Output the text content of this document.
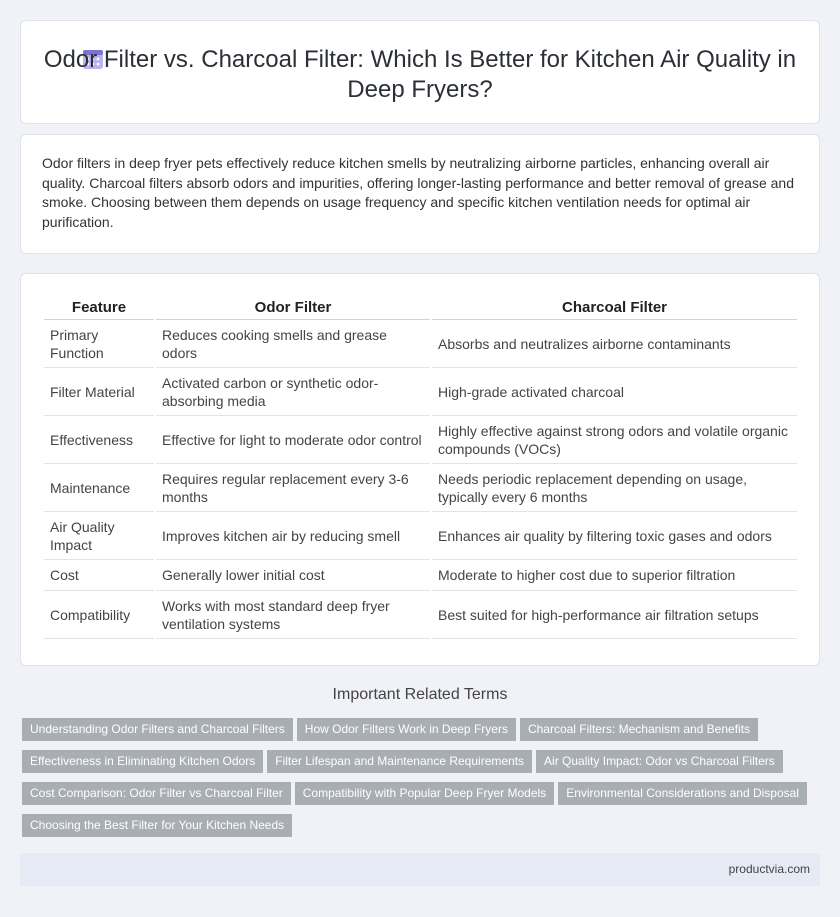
Odor Filter vs. Charcoal Filter: Which Is Better for Kitchen Air Quality in Deep Fryers?
Odor filters in deep fryer pets effectively reduce kitchen smells by neutralizing airborne particles, enhancing overall air quality. Charcoal filters absorb odors and impurities, offering longer-lasting performance and better removal of grease and smoke. Choosing between them depends on usage frequency and specific kitchen ventilation needs for optimal air purification.
Feature	Odor Filter	Charcoal Filter
Primary Function	Reduces cooking smells and grease odors	Absorbs and neutralizes airborne contaminants
Filter Material	Activated carbon or synthetic odor-absorbing media	High-grade activated charcoal
Effectiveness	Effective for light to moderate odor control	Highly effective against strong odors and volatile organic compounds (VOCs)
Maintenance	Requires regular replacement every 3-6 months	Needs periodic replacement depending on usage, typically every 6 months
Air Quality Impact	Improves kitchen air by reducing smell	Enhances air quality by filtering toxic gases and odors
Cost	Generally lower initial cost	Moderate to higher cost due to superior filtration
Compatibility	Works with most standard deep fryer ventilation systems	Best suited for high-performance air filtration setups
Important Related Terms
Understanding Odor Filters and Charcoal Filters How Odor Filters Work in Deep Fryers Charcoal Filters: Mechanism and Benefits
Effectiveness in Eliminating Kitchen Odors Filter Lifespan and Maintenance Requirements Air Quality Impact: Odor vs Charcoal Filters
Cost Comparison: Odor Filter vs Charcoal Filter Compatibility with Popular Deep Fryer Models Environmental Considerations and Disposal
Choosing the Best Filter for Your Kitchen Needs
productvia.com
